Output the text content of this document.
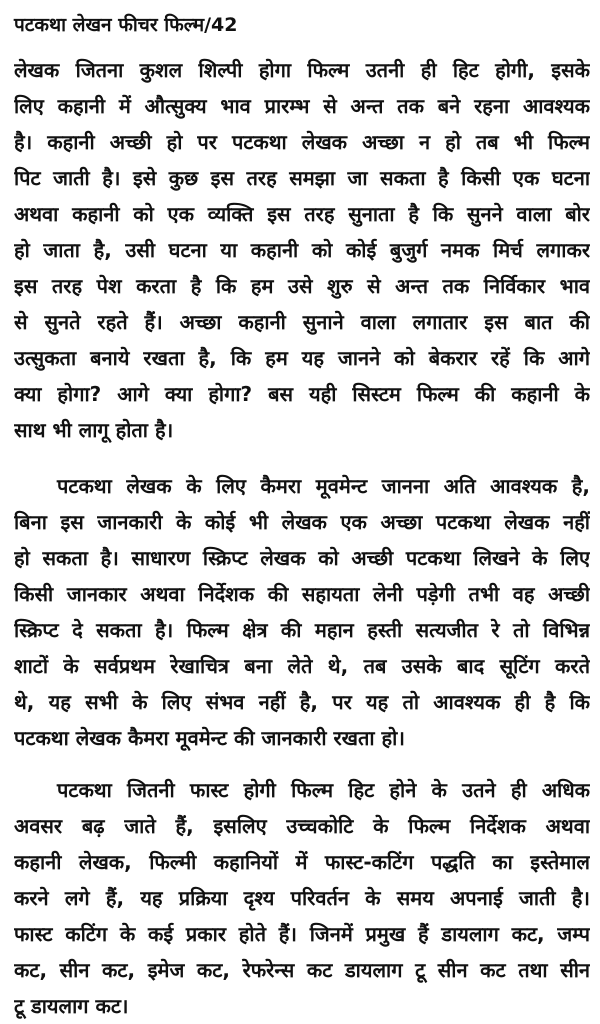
पटकथा लेखन फीचर फिल्म/42
लेखक जितना कुशल शिल्पी होगा फिल्म उतनी ही हिट होगी, इसके
लिए कहानी में औत्सुक्य भाव प्रारम्भ से अन्त तक बने रहना आवश्यक
है। कहानी अच्छी हो पर पटकथा लेखक अच्छा न हो तब भी फिल्म
पिट जाती है। इसे कुछ इस तरह समझा जा सकता है किसी एक घटना
अथवा कहानी को एक व्यक्ति इस तरह सुनाता है कि सुनने वाला बोर
हो जाता है, उसी घटना या कहानी को कोई बुजुर्ग नमक मिर्च लगाकर
इस तरह पेश करता है कि हम उसे शुरु से अन्त तक निर्विकार भाव
से सुनते रहते हैं। अच्छा कहानी सुनाने वाला लगातार इस बात की
उत्सुकता बनाये रखता है, कि हम यह जानने को बेकरार रहें कि आगे
क्या होगा? आगे क्या होगा? बस यही सिस्टम फिल्म की कहानी के
साथ भी लागू होता है।
पटकथा लेखक के लिए कैमरा मूवमेन्ट जानना अति आवश्यक है,
बिना इस जानकारी के कोई भी लेखक एक अच्छा पटकथा लेखक नहीं
हो सकता है। साधारण स्क्रिप्ट लेखक को अच्छी पटकथा लिखने के लिए
किसी जानकार अथवा निर्देशक की सहायता लेनी पड़ेगी तभी वह अच्छी
स्क्रिप्ट दे सकता है। फिल्म क्षेत्र की महान हस्ती सत्यजीत रे तो विभिन्न
शाटों के सर्वप्रथम रेखाचित्र बना लेते थे, तब उसके बाद सूटिंग करते
थे, यह सभी के लिए संभव नहीं है, पर यह तो आवश्यक ही है कि
पटकथा लेखक कैमरा मूवमेन्ट की जानकारी रखता हो।
पटकथा जितनी फास्ट होगी फिल्म हिट होने के उतने ही अधिक
अवसर बढ़ जाते हैं, इसलिए उच्चकोटि के फिल्म निर्देशक अथवा
कहानी लेखक, फिल्मी कहानियों में फास्ट-कटिंग पद्धति का इस्तेमाल
करने लगे हैं, यह प्रक्रिया दृश्य परिवर्तन के समय अपनाई जाती है।
फास्ट कटिंग के कई प्रकार होते हैं। जिनमें प्रमुख हैं डायलाग कट, जम्प
कट, सीन कट, इमेज कट, रेफरेन्स कट डायलाग टू सीन कट तथा सीन
टू डायलाग कट।
